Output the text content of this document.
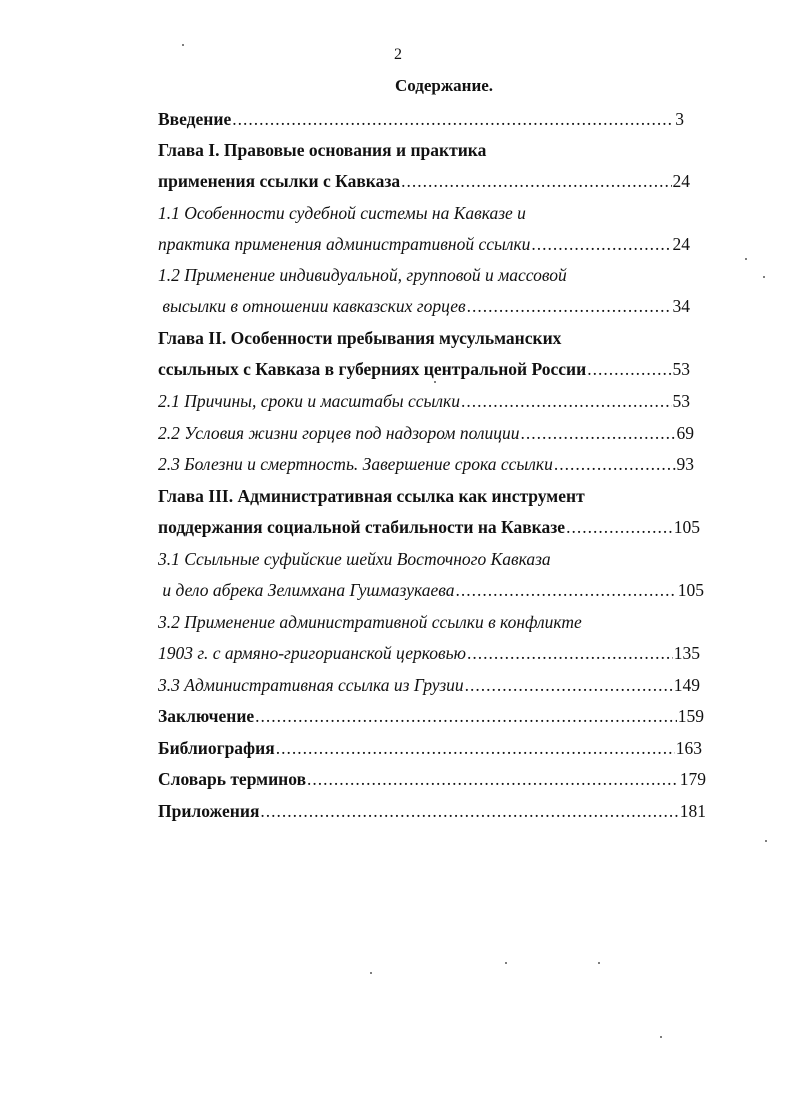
2
Содержание.
Введение .....	3
Глава I. Правовые основания и практика
применения ссылки с Кавказа .....	24
1.1 Особенности судебной системы на Кавказе и
практика применения административной ссылки .....	24
1.2 Применение индивидуальной, групповой и массовой
высылки в отношении кавказских горцев .....	34
Глава II. Особенности пребывания мусульманских
ссыльных с Кавказа в губерниях центральной России .....	53
2.1 Причины, сроки и масштабы ссылки .....	53
2.2 Условия жизни горцев под надзором полиции .....	69
2.3 Болезни и смертность. Завершение срока ссылки .....	93
Глава III. Административная ссылка как инструмент
поддержания социальной стабильности на Кавказе .....	105
3.1 Ссыльные суфийские шейхи Восточного Кавказа
и дело абрека Зелимхана Гушмазукаева .....	105
3.2 Применение административной ссылки в конфликте
1903 г. с армяно-григорианской церковью .....	135
3.3 Административная ссылка из Грузии .....	149
Заключение .....	159
Библиография .....	163
Словарь терминов .....	179
Приложения .....	181
